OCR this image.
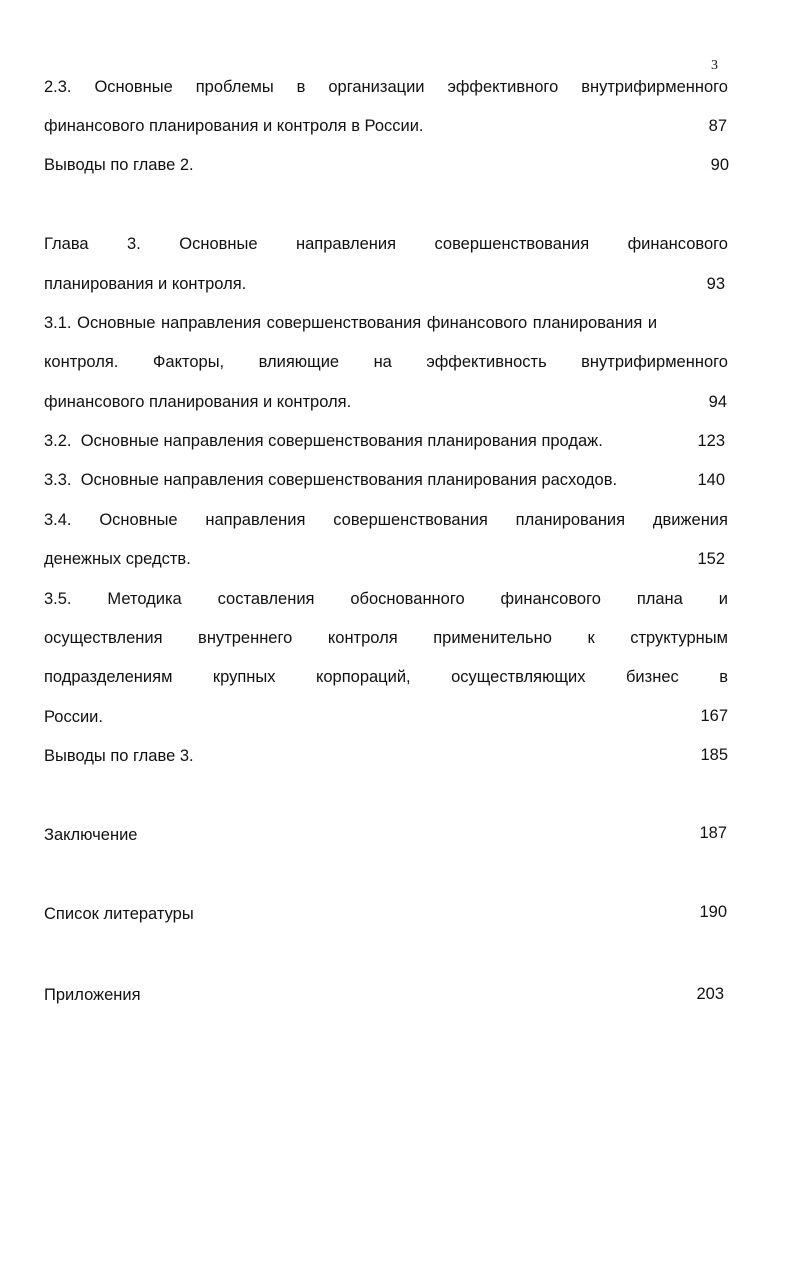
3
2.3. Основные проблемы в организации эффективного внутрифирменного
финансового планирования и контроля в России.	87
Выводы по главе 2.	90
Глава 3. Основные направления совершенствования финансового
планирования и контроля.	93
3.1. Основные направления совершенствования финансового планирования и
контроля. Факторы, влияющие на эффективность внутрифирменного
финансового планирования и контроля.	94
3.2.  Основные направления совершенствования планирования продаж.	123
3.3.  Основные направления совершенствования планирования расходов.	140
3.4. Основные направления совершенствования планирования движения
денежных средств.	152
3.5. Методика составления обоснованного финансового плана и
осуществления внутреннего контроля применительно к структурным
подразделениям крупных корпораций, осуществляющих бизнес в
России.	167
Выводы по главе 3.	185
Заключение	187
Список литературы	190
Приложения	203
